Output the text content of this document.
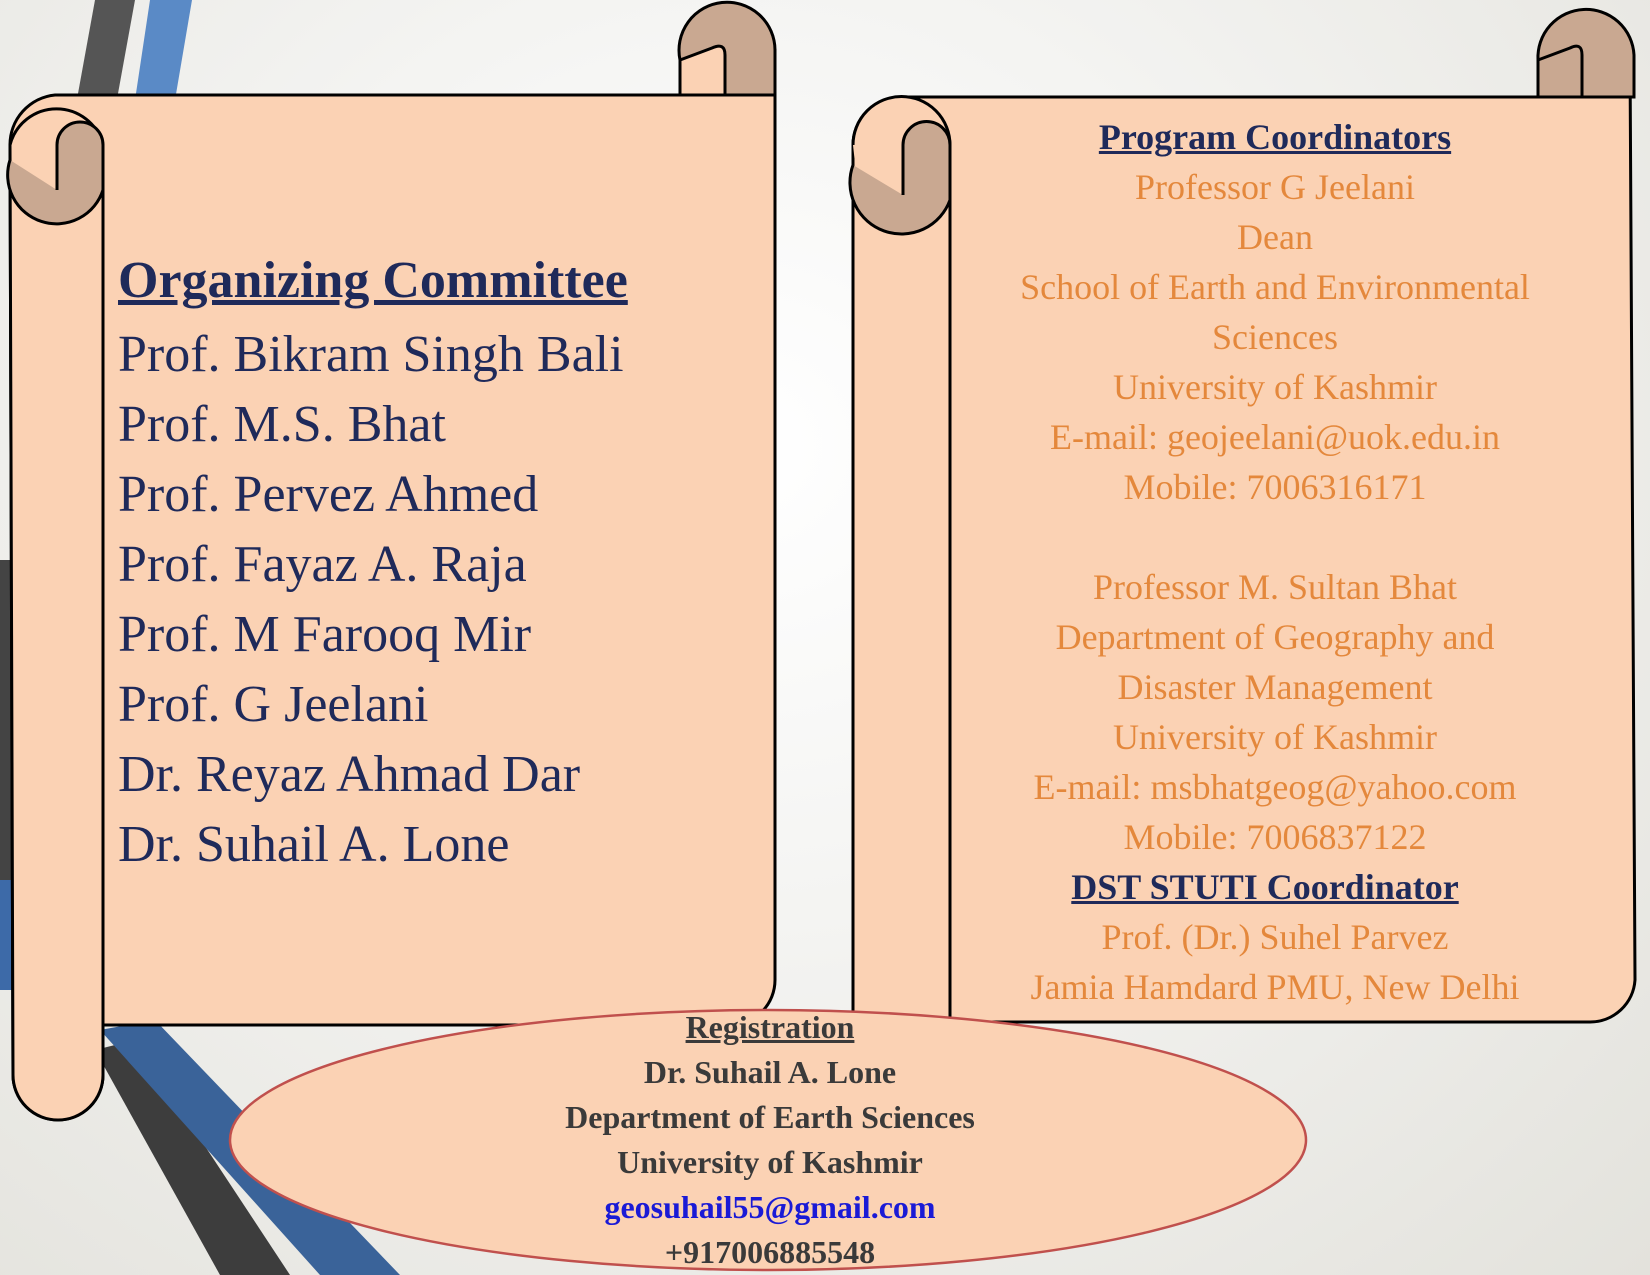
Organizing Committee

Prof. Bikram Singh Bali

Prof. M.S. Bhat

Prof. Pervez Ahmed

Prof. Fayaz A. Raja

Prof. M Farooq Mir

Prof. G Jeelani

Dr. Reyaz Ahmad Dar

Dr. Suhail A. Lone

Program Coordinators

Professor G Jeelani

Dean

School of Earth and Environmental

Sciences

University of Kashmir

E-mail: geojeelani@uok.edu.in

Mobile: 7006316171

Professor M. Sultan Bhat

Department of Geography and

Disaster Management

University of Kashmir

E-mail: msbhatgeog@yahoo.com

Mobile: 7006837122

DST STUTI Coordinator

Prof. (Dr.) Suhel Parvez

Jamia Hamdard PMU, New Delhi

Registration

Dr. Suhail A. Lone

Department of Earth Sciences

University of Kashmir

geosuhail55@gmail.com

+917006885548
